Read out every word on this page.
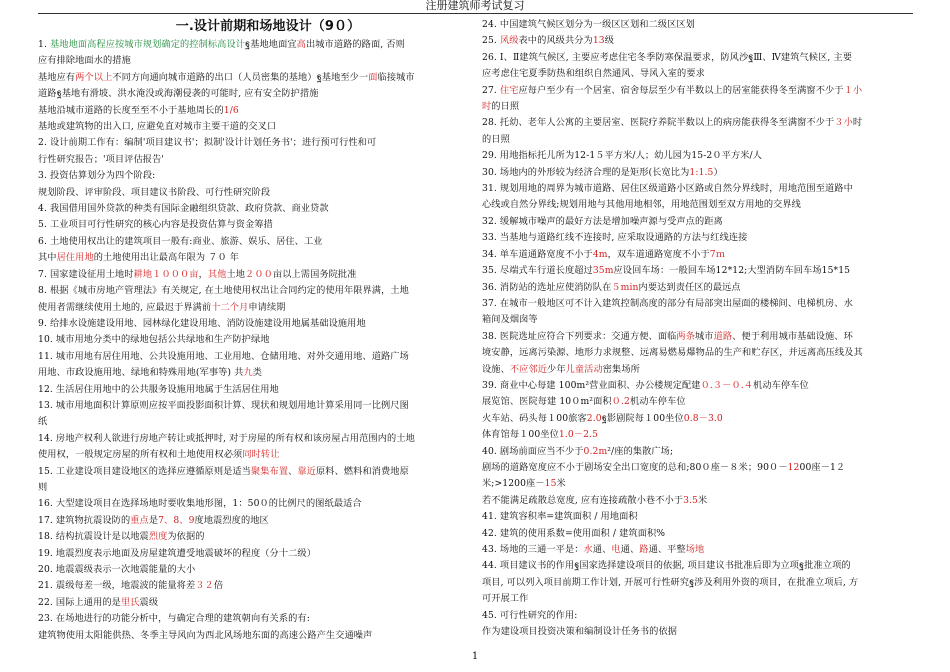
注册建筑师考试复习
一.设计前期和场地设计（9０）
1. 基地地面高程应按城市规划确定的控制标高设计ฐ基地地面宜高出城市道路的路面, 否则
应有排除地面水的措施
基地应有两个以上不同方向通向城市道路的出口（人员密集的基地）ฐ基地至少一面临接城市
道路ฐ基地有滑坡、洪水淹没或海潮侵袭的可能时, 应有安全防护措施
基地沿城市道路的长度至至不小于基地周长的1/6
基地或建筑物的出入口, 应避免直对城市主要干道的交叉口
2. 设计前期工作有：编制'项目建议书'；拟制'设计计划任务书'；进行预可行性和可
行性研究报告；'项目评估报告'
3. 投资估算划分为四个阶段:
规划阶段、评审阶段、项目建议书阶段、可行性研究阶段
4. 我国借用国外贷款的种类有国际金融组织贷款、政府贷款、商业贷款
5. 工业项目可行性研究的核心内容是投资估算与资金筹措
6. 土地使用权出让的建筑项目一般有:商业、旅游、娱乐、居住、工业
其中居住用地的土地使用出让最高年限为 ７０ 年
7. 国家建设征用土地时耕地１０００亩，其他土地２００亩以上需国务院批准
8. 根据《城市房地产管理法》有关规定, 在土地使用权出让合同约定的使用年限界满，土地
使用者需继续使用土地的, 应最迟于界满前十二个月申请续期
9. 给排水设施建设用地、园林绿化建设用地、消防设施建设用地属基础设施用地
10. 城市用地分类中的绿地包括公共绿地和生产防护绿地
11. 城市用地有居住用地、公共设施用地、工业用地、仓储用地、对外交通用地、道路广场
用地、市政设施用地、绿地和特殊用地(军事等) 共九类
12. 生活居住用地中的公共服务设施用地属于生活居住用地
13. 城市用地面积计算原则应按平面投影面积计算、现状和规划用地计算采用同一比例尺图
纸
14. 房地产权利人欲进行房地产转让或抵押时, 对于房屋的所有权和该房屋占用范围内的土地
使用权，一般规定房屋的所有权和土地使用权必须同时转让
15. 工业建设项目建设地区的选择应遵循原则是适当聚集布置、靠近原料、燃料和消费地原
则
16. 大型建设项目在选择场地时要收集地形图，1：50０的比例尺的图纸最适合
17. 建筑物抗震设防的重点是7、8、9度地震烈度的地区
18. 结构抗震设计是以地震烈度为依据的
19. 地震烈度表示地面及房屋建筑遭受地震破坏的程度（分十二级）
20. 地震震级表示一次地震能量的大小
21. 震级每差一级，地震波的能量将差３２倍
22. 国际上通用的是里氏震级
23. 在场地进行的功能分析中，与确定合理的建筑朝向有关系的有:
建筑物使用太阳能供热、冬季主导风向为西北风场地东面的高速公路产生交通噪声
24. 中国建筑气候区划分为一级区区划和二级区区划
25. 风级表中的风级共分为13级
26. Ⅰ、Ⅱ建筑气候区, 主要应考虑住宅冬季防寒保温要求，防风沙ฐⅢ、Ⅳ建筑气候区, 主要
应考虑住宅夏季防热和组织自然通风、导风入室的要求
27. 住宅应每户至少有一个居室、宿舍每层至少有半数以上的居室能获得冬至满窗不少于１小
时的日照
28. 托幼、老年人公寓的主要居室、医院疗养院半数以上的病房能获得冬至满窗不少于３小时
的日照
29. 用地指标托儿所为12-1５平方米/人；幼儿园为15-2０平方米/人
30. 场地内的外形较为经济合理的是矩形(长宽比为1:1.5）
31. 规划用地的周界为城市道路、居住区级道路小区路或自然分界线时，用地范围至道路中
心线或自然分界线;规划用地与其他用地相邻，用地范围划至双方用地的交界线
32. 缓解城市噪声的最好方法是增加噪声源与受声点的距离
33. 当基地与道路红线不连接时, 应采取设通路的方法与红线连接
34. 单车道通路宽度不小于4m，双车道通路宽度不小于7ｍ
35. 尽端式车行道长度超过35m应设回车场：一般回车场12*12;大型消防车回车场15*15
36. 消防站的选址应使消防队在５min内要达到责任区的最远点
37. 在城市一般地区可不计入建筑控制高度的部分有局部突出屋面的楼梯间、电梯机房、水
箱间及烟囱等
38. 医院选址应符合下列要求：交通方便、面临两条城市道路、便于利用城市基础设施、环
境安静，远离污染源、地形力求规整、远离易燃易爆物品的生产和贮存区，并远离高压线及其
设施、不应邻近少年儿童活动密集场所
39. 商业中心每建 100m²营业面积、办公楼规定配建０.３－０.４机动车停车位
展览馆、医院每建 10０m²面积０.2机动车停车位
火车站、码头每１00旅客2.0ฐ影剧院每１00坐位0.8－3.0
体育馆每１00坐位1.0－2.5
40. 剧场前面应当不少于0.2m²/座的集散广场;
剧场的道路宽度应不小于剧场安全出口宽度的总和;80０座－８米；90０－1200座－1２
米;>1200座－15米
若不能满足疏散总宽度, 应有连接疏散小巷不小于3.5米
41. 建筑容积率=建筑面积 / 用地面积
42. 建筑的使用系数=使用面积 / 建筑面积%
43. 场地的三通一平是：水通、电通、路通、平整场地
44. 项目建议书的作用ฐ国家选择建设项目的依据, 项目建议书批准后即为立项ฐ批准立项的
项目, 可以列入项目前期工作计划, 开展可行性研究ฐ涉及利用外资的项目，在批准立项后, 方
可开展工作
45. 可行性研究的作用:
作为建设项目投资决策和编制设计任务书的依据
1
